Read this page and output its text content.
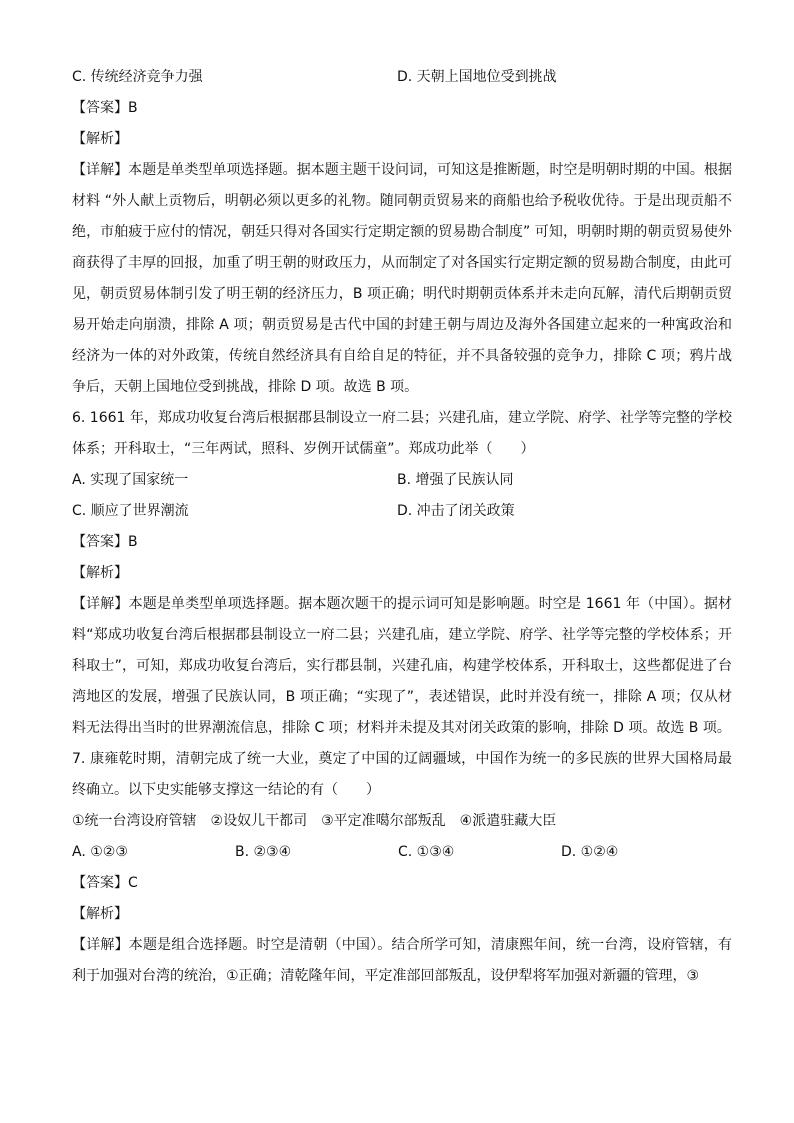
C. 传统经济竞争力强	D. 天朝上国地位受到挑战
【答案】B
【解析】
【详解】本题是单类型单项选择题。据本题主题干设问词，可知这是推断题，时空是明朝时期的中国。根据材料 “外人献上贡物后，明朝必须以更多的礼物。随同朝贡贸易来的商船也给予税收优待。于是出现贡船不绝，市舶疲于应付的情况，朝廷只得对各国实行定期定额的贸易勘合制度” 可知，明朝时期的朝贡贸易使外商获得了丰厚的回报，加重了明王朝的财政压力，从而制定了对各国实行定期定额的贸易勘合制度，由此可见，朝贡贸易体制引发了明王朝的经济压力，B 项正确；明代时期朝贡体系并未走向瓦解，清代后期朝贡贸易开始走向崩溃，排除 A 项；朝贡贸易是古代中国的封建王朝与周边及海外各国建立起来的一种寓政治和经济为一体的对外政策，传统自然经济具有自给自足的特征，并不具备较强的竞争力，排除 C 项；鸦片战争后，天朝上国地位受到挑战，排除 D 项。故选 B 项。
6. 1661 年，郑成功收复台湾后根据郡县制设立一府二县；兴建孔庙，建立学院、府学、社学等完整的学校体系；开科取士，“三年两试，照科、岁例开试儒童”。郑成功此举（　　）
A. 实现了国家统一	B. 增强了民族认同
C. 顺应了世界潮流	D. 冲击了闭关政策
【答案】B
【解析】
【详解】本题是单类型单项选择题。据本题次题干的提示词可知是影响题。时空是 1661 年（中国）。据材料“郑成功收复台湾后根据郡县制设立一府二县；兴建孔庙，建立学院、府学、社学等完整的学校体系；开科取士”，可知，郑成功收复台湾后，实行郡县制，兴建孔庙，构建学校体系，开科取士，这些都促进了台湾地区的发展，增强了民族认同，B 项正确；“实现了”，表述错误，此时并没有统一，排除 A 项；仅从材料无法得出当时的世界潮流信息，排除 C 项；材料并未提及其对闭关政策的影响，排除 D 项。故选 B 项。
7. 康雍乾时期，清朝完成了统一大业，奠定了中国的辽阔疆域，中国作为统一的多民族的世界大国格局最终确立。以下史实能够支撑这一结论的有（　　）
①统一台湾设府管辖　②设奴儿干都司　③平定准噶尔部叛乱　④派遣驻藏大臣
A. ①②③	B. ②③④	C. ①③④	D. ①②④
【答案】C
【解析】
【详解】本题是组合选择题。时空是清朝（中国）。结合所学可知，清康熙年间，统一台湾，设府管辖，有利于加强对台湾的统治，①正确；清乾隆年间，平定准部回部叛乱，设伊犁将军加强对新疆的管理，③
